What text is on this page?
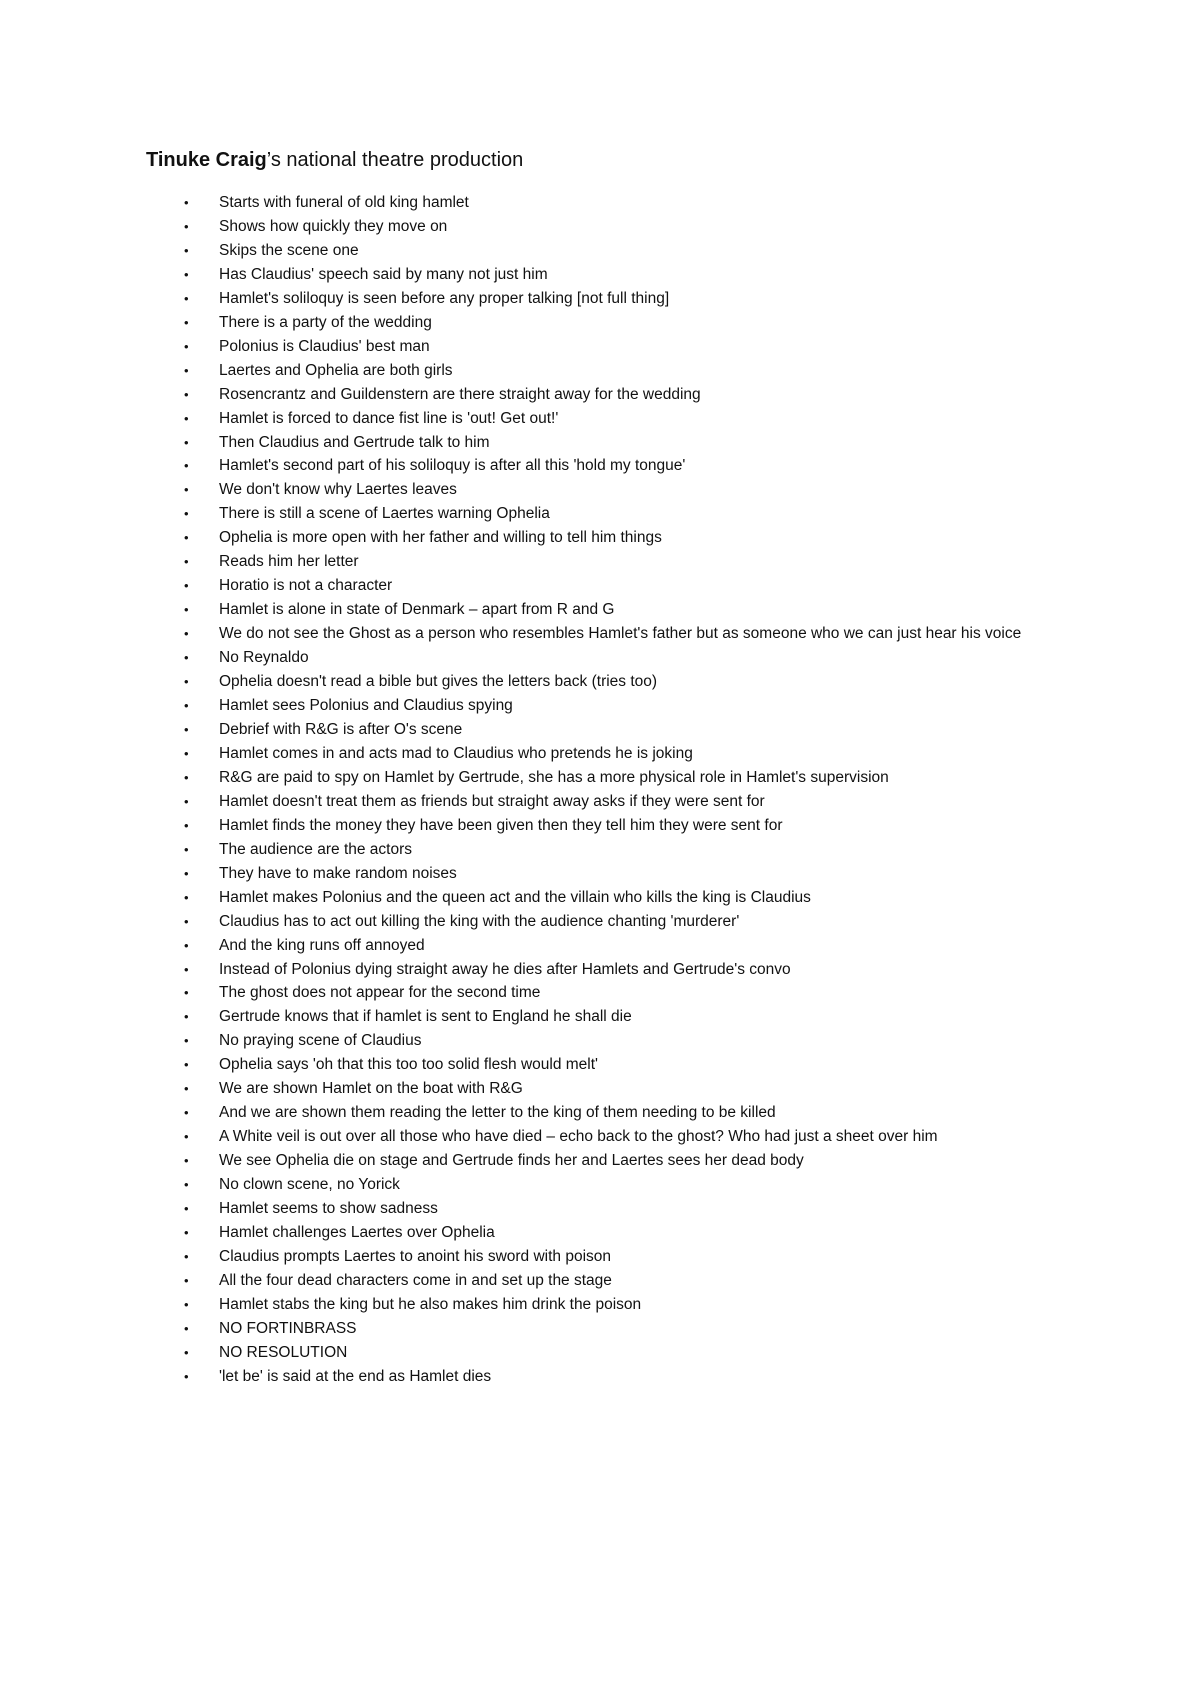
Tinuke Craig’s national theatre production
• Starts with funeral of old king hamlet
• Shows how quickly they move on
• Skips the scene one
• Has Claudius' speech said by many not just him
• Hamlet's soliloquy is seen before any proper talking [not full thing]
• There is a party of the wedding
• Polonius is Claudius' best man
• Laertes and Ophelia are both girls
• Rosencrantz and Guildenstern are there straight away for the wedding
• Hamlet is forced to dance fist line is 'out! Get out!'
• Then Claudius and Gertrude talk to him
• Hamlet's second part of his soliloquy is after all this 'hold my tongue'
• We don't know why Laertes leaves
• There is still a scene of Laertes warning Ophelia
• Ophelia is more open with her father and willing to tell him things
• Reads him her letter
• Horatio is not a character
• Hamlet is alone in state of Denmark – apart from R and G
• We do not see the Ghost as a person who resembles Hamlet's father but as someone who we can just hear his voice
• No Reynaldo
• Ophelia doesn't read a bible but gives the letters back (tries too)
• Hamlet sees Polonius and Claudius spying
• Debrief with R&G is after O's scene
• Hamlet comes in and acts mad to Claudius who pretends he is joking
• R&G are paid to spy on Hamlet by Gertrude, she has a more physical role in Hamlet's supervision
• Hamlet doesn't treat them as friends but straight away asks if they were sent for
• Hamlet finds the money they have been given then they tell him they were sent for
• The audience are the actors
• They have to make random noises
• Hamlet makes Polonius and the queen act and the villain who kills the king is Claudius
• Claudius has to act out killing the king with the audience chanting 'murderer'
• And the king runs off annoyed
• Instead of Polonius dying straight away he dies after Hamlets and Gertrude's convo
• The ghost does not appear for the second time
• Gertrude knows that if hamlet is sent to England he shall die
• No praying scene of Claudius
• Ophelia says 'oh that this too too solid flesh would melt'
• We are shown Hamlet on the boat with R&G
• And we are shown them reading the letter to the king of them needing to be killed
• A White veil is out over all those who have died – echo back to the ghost? Who had just a sheet over him
• We see Ophelia die on stage and Gertrude finds her and Laertes sees her dead body
• No clown scene, no Yorick
• Hamlet seems to show sadness
• Hamlet challenges Laertes over Ophelia
• Claudius prompts Laertes to anoint his sword with poison
• All the four dead characters come in and set up the stage
• Hamlet stabs the king but he also makes him drink the poison
• NO FORTINBRASS
• NO RESOLUTION
• 'let be' is said at the end as Hamlet dies
